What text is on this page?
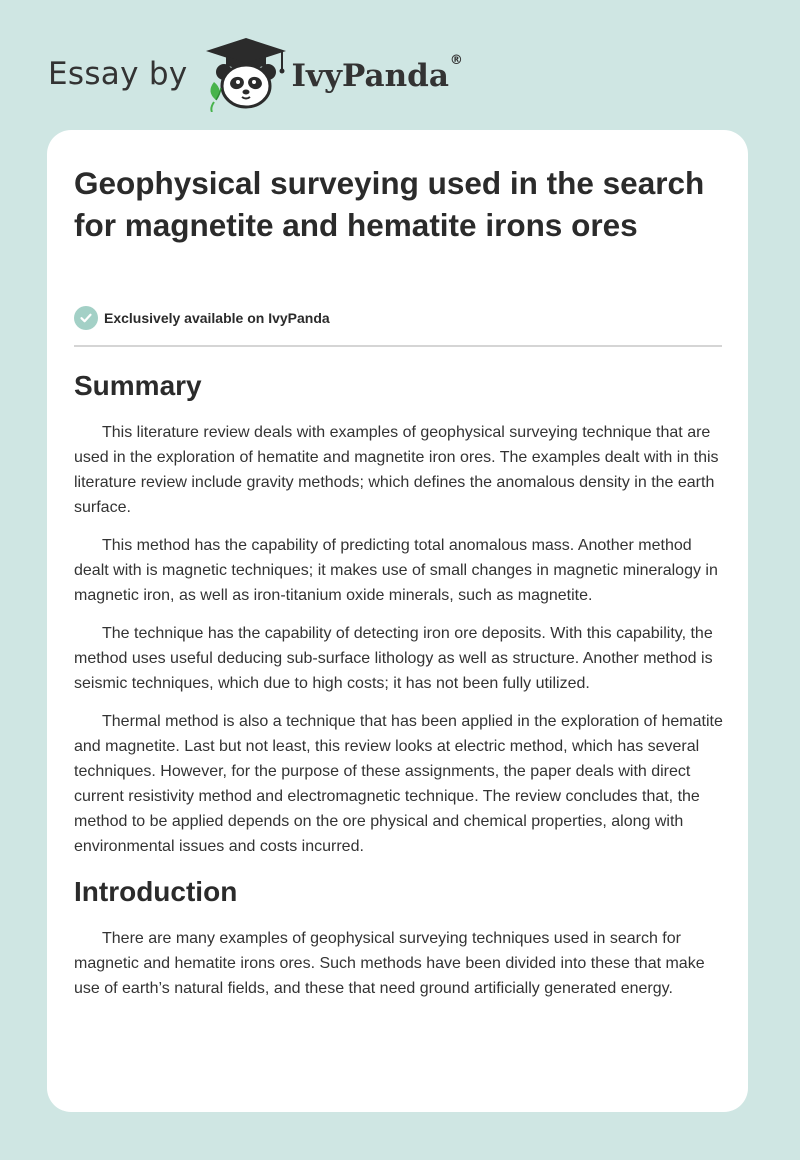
Essay by	IvyPanda ®
Geophysical surveying used in the search for magnetite and hematite irons ores
Exclusively available on IvyPanda
Summary

This literature review deals with examples of geophysical surveying technique that are used in the exploration of hematite and magnetite iron ores. The examples dealt with in this literature review include gravity methods; which defines the anomalous density in the earth surface.

This method has the capability of predicting total anomalous mass. Another method dealt with is magnetic techniques; it makes use of small changes in magnetic mineralogy in magnetic iron, as well as iron-titanium oxide minerals, such as magnetite.

The technique has the capability of detecting iron ore deposits. With this capability, the method uses useful deducing sub-surface lithology as well as structure. Another method is seismic techniques, which due to high costs; it has not been fully utilized.

Thermal method is also a technique that has been applied in the exploration of hematite and magnetite. Last but not least, this review looks at electric method, which has several techniques. However, for the purpose of these assignments, the paper deals with direct current resistivity method and electromagnetic technique. The review concludes that, the method to be applied depends on the ore physical and chemical properties, along with environmental issues and costs incurred.

Introduction

There are many examples of geophysical surveying techniques used in search for magnetic and hematite irons ores. Such methods have been divided into these that make use of earth’s natural fields, and these that need ground artificially generated energy.
